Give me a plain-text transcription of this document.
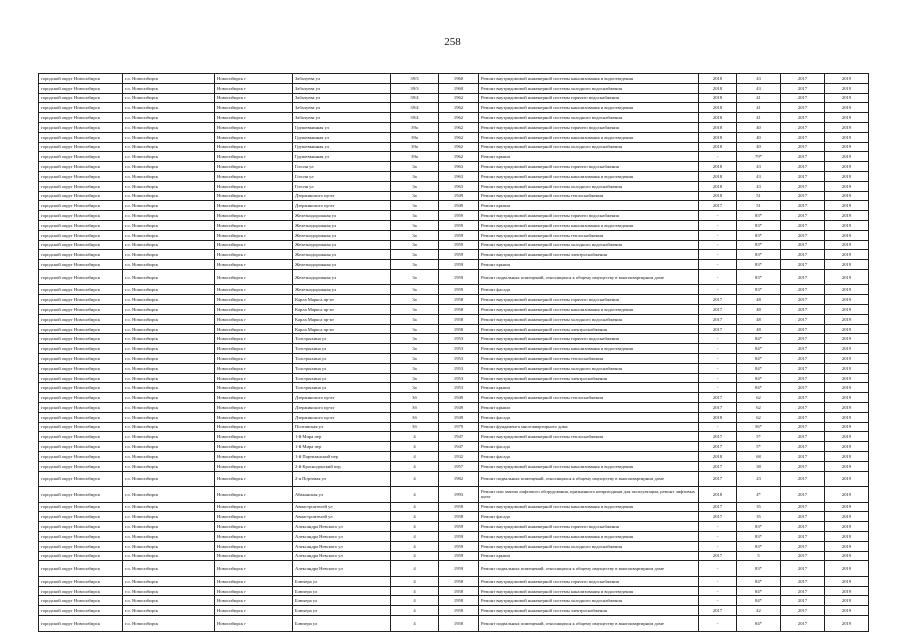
258
городской округ Новосибирск	г.о. Новосибирск	Новосибирск г	Забалуева ул	39/3	1960	Ремонт внутридомовой инженерной системы канализования и водоотведения	2018	43	2017	2019
городской округ Новосибирск	г.о. Новосибирск	Новосибирск г	Забалуева ул	39/3	1960	Ремонт внутридомовой инженерной системы холодного водоснабжения	2018	43	2017	2019
городской округ Новосибирск	г.о. Новосибирск	Новосибирск г	Забалуева ул	39/4	1962	Ремонт внутридомовой инженерной системы горячего водоснабжения	2018	41	2017	2019
городской округ Новосибирск	г.о. Новосибирск	Новосибирск г	Забалуева ул	39/4	1962	Ремонт внутридомовой инженерной системы канализования и водоотведения	2018	41	2017	2019
городской округ Новосибирск	г.о. Новосибирск	Новосибирск г	Забалуева ул	39/4	1962	Ремонт внутридомовой инженерной системы холодного водоснабжения	2018	41	2017	2019
городской округ Новосибирск	г.о. Новосибирск	Новосибирск г	Грушевкинная ул	39а	1962	Ремонт внутридомовой инженерной системы горячего водоснабжения	2018	40	2017	2019
городской округ Новосибирск	г.о. Новосибирск	Новосибирск г	Грушевкинная ул	39а	1962	Ремонт внутридомовой инженерной системы канализования и водоотведения	2018	40	2017	2019
городской округ Новосибирск	г.о. Новосибирск	Новосибирск г	Грушевкинная ул	39а	1962	Ремонт внутридомовой инженерной системы холодного водоснабжения	2018	40	2017	2019
городской округ Новосибирск	г.о. Новосибирск	Новосибирск г	Грушевкинная ул	39а	1962	Ремонт крыши	-	79*	2017	2019
городской округ Новосибирск	г.о. Новосибирск	Новосибирск г	Гоголя ул	3а	1963	Ремонт внутридомовой инженерной системы горячего водоснабжения	2018	43	2017	2019
городской округ Новосибирск	г.о. Новосибирск	Новосибирск г	Гоголя ул	3а	1963	Ремонт внутридомовой инженерной системы канализования и водоотведения	2018	43	2017	2019
городской округ Новосибирск	г.о. Новосибирск	Новосибирск г	Гоголя ул	3а	1963	Ремонт внутридомовой инженерной системы холодного водоснабжения	2018	43	2017	2019
городской округ Новосибирск	г.о. Новосибирск	Новосибирск г	Дзержинского пр-кт	3а	1949	Ремонт внутридомовой инженерной системы теплоснабжения	2018	51	2017	2019
городской округ Новосибирск	г.о. Новосибирск	Новосибирск г	Дзержинского пр-кт	3а	1949	Ремонт крыши	2017	51	2017	2019
городской округ Новосибирск	г.о. Новосибирск	Новосибирск г	Железнодорожная ул	3а	1959	Ремонт внутридомовой инженерной системы горячего водоснабжения	-	83*	2017	2019
городской округ Новосибирск	г.о. Новосибирск	Новосибирск г	Железнодорожная ул	3а	1959	Ремонт внутридомовой инженерной системы канализования и водоотведения	-	83*	2017	2019
городской округ Новосибирск	г.о. Новосибирск	Новосибирск г	Железнодорожная ул	3а	1959	Ремонт внутридомовой инженерной системы теплоснабжения	-	83*	2017	2019
городской округ Новосибирск	г.о. Новосибирск	Новосибирск г	Железнодорожная ул	3а	1959	Ремонт внутридомовой инженерной системы холодного водоснабжения	-	83*	2017	2019
городской округ Новосибирск	г.о. Новосибирск	Новосибирск г	Железнодорожная ул	3а	1959	Ремонт внутридомовой инженерной системы электроснабжения	-	83*	2017	2019
городской округ Новосибирск	г.о. Новосибирск	Новосибирск г	Железнодорожная ул	3а	1959	Ремонт крыши	-	83*	2017	2019
городской округ Новосибирск	г.о. Новосибирск	Новосибирск г	Железнодорожная ул	3а	1959	Ремонт подвальных помещений, относящихся к общему имуществу в многоквартирном доме	-	83*	2017	2019
городской округ Новосибирск	г.о. Новосибирск	Новосибирск г	Железнодорожная ул	3а	1959	Ремонт фасада	-	83*	2017	2019
городской округ Новосибирск	г.о. Новосибирск	Новосибирск г	Карла Маркса пр-кт	3а	1958	Ремонт внутридомовой инженерной системы горячего водоснабжения	2017	48	2017	2019
городской округ Новосибирск	г.о. Новосибирск	Новосибирск г	Карла Маркса пр-кт	3а	1958	Ремонт внутридомовой инженерной системы канализования и водоотведения	2017	48	2017	2019
городской округ Новосибирск	г.о. Новосибирск	Новосибирск г	Карла Маркса пр-кт	3а	1958	Ремонт внутридомовой инженерной системы холодного водоснабжения	2017	48	2017	2019
городской округ Новосибирск	г.о. Новосибирск	Новосибирск г	Карла Маркса пр-кт	3а	1958	Ремонт внутридомовой инженерной системы электроснабжения	2017	48	2017	2019
городской округ Новосибирск	г.о. Новосибирск	Новосибирск г	Толстрыхина ул	3а	1953	Ремонт внутридомовой инженерной системы горячего водоснабжения	-	84*	2017	2019
городской округ Новосибирск	г.о. Новосибирск	Новосибирск г	Толстрыхина ул	3а	1953	Ремонт внутридомовой инженерной системы канализования и водоотведения	-	84*	2017	2019
городской округ Новосибирск	г.о. Новосибирск	Новосибирск г	Толстрыхина ул	3а	1953	Ремонт внутридомовой инженерной системы теплоснабжения	-	84*	2017	2019
городской округ Новосибирск	г.о. Новосибирск	Новосибирск г	Толстрыхина ул	3а	1953	Ремонт внутридомовой инженерной системы холодного водоснабжения	-	84*	2017	2019
городской округ Новосибирск	г.о. Новосибирск	Новосибирск г	Толстрыхина ул	3а	1953	Ремонт внутридомовой инженерной системы электроснабжения	-	84*	2017	2019
городской округ Новосибирск	г.о. Новосибирск	Новосибирск г	Толстрыхина ул	3а	1953	Ремонт крыши	-	84*	2017	2019
городской округ Новосибирск	г.о. Новосибирск	Новосибирск г	Дзержинского пр-кт	3б	1949	Ремонт внутридомовой инженерной системы теплоснабжения	2017	62	2017	2019
городской округ Новосибирск	г.о. Новосибирск	Новосибирск г	Дзержинского пр-кт	3б	1949	Ремонт крыши	2017	62	2017	2019
городской округ Новосибирск	г.о. Новосибирск	Новосибирск г	Дзержинского пр-кт	3б	1949	Ремонт фасада	2018	62	2017	2019
городской округ Новосибирск	г.о. Новосибирск	Новосибирск г	Полтавская ул	3б	1979	Ремонт фундамента многоквартирного дома	-	56*	2017	2019
городской округ Новосибирск	г.о. Новосибирск	Новосибирск г	1-й Мира пер	4	1947	Ремонт внутридомовой инженерной системы теплоснабжения	2017	5*	2017	2019
городской округ Новосибирск	г.о. Новосибирск	Новосибирск г	1-й Мира пер	4	1947	Ремонт фасада	2017	5*	2017	2019
городской округ Новосибирск	г.о. Новосибирск	Новосибирск г	1-й Партизанский пер	4	1932	Ремонт фасада	2018	68	2017	2019
городской округ Новосибирск	г.о. Новосибирск	Новосибирск г	2-й Краснодонский пер	4	1957	Ремонт внутридомовой инженерной системы канализования и водоотведения	2017	38	2017	2019
городской округ Новосибирск	г.о. Новосибирск	Новосибирск г	2-я Портовая ул	4	1982	Ремонт подвальных помещений, относящихся к общему имуществу в многоквартирном доме	2017	23	2017	2019
городской округ Новосибирск	г.о. Новосибирск	Новосибирск г	Абаканская ул	4	1993	Ремонт или замена лифтового оборудования, признанного непригодным для эксплуатации, ремонт лифтовых шахт	2018	4*	2017	2019
городской округ Новосибирск	г.о. Новосибирск	Новосибирск г	Авиастроителей ул	4	1958	Ремонт внутридомовой инженерной системы канализования и водоотведения	2017	35	2017	2019
городской округ Новосибирск	г.о. Новосибирск	Новосибирск г	Авиастроителей ул	4	1958	Ремонт фасада	2017	35	2017	2019
городской округ Новосибирск	г.о. Новосибирск	Новосибирск г	Александра Невского ул	4	1959	Ремонт внутридомовой инженерной системы горячего водоснабжения	-	83*	2017	2019
городской округ Новосибирск	г.о. Новосибирск	Новосибирск г	Александра Невского ул	4	1959	Ремонт внутридомовой инженерной системы канализования и водоотведения	-	83*	2017	2019
городской округ Новосибирск	г.о. Новосибирск	Новосибирск г	Александра Невского ул	4	1959	Ремонт внутридомовой инженерной системы холодного водоснабжения	-	83*	2017	2019
городской округ Новосибирск	г.о. Новосибирск	Новосибирск г	Александра Невского ул	4	1959	Ремонт крыши	2017	5	2017	2019
городской округ Новосибирск	г.о. Новосибирск	Новосибирск г	Александра Невского ул	4	1959	Ремонт подвальных помещений, относящихся к общему имуществу в многоквартирном доме	-	83*	2017	2019
городской округ Новосибирск	г.о. Новосибирск	Новосибирск г	Блюхера ул	4	1958	Ремонт внутридомовой инженерной системы горячего водоснабжения	-	84*	2017	2019
городской округ Новосибирск	г.о. Новосибирск	Новосибирск г	Блюхера ул	4	1958	Ремонт внутридомовой инженерной системы канализования и водоотведения	-	84*	2017	2019
городской округ Новосибирск	г.о. Новосибирск	Новосибирск г	Блюхера ул	4	1958	Ремонт внутридомовой инженерной системы холодного водоснабжения	-	84*	2017	2019
городской округ Новосибирск	г.о. Новосибирск	Новосибирск г	Блюхера ул	4	1958	Ремонт внутридомовой инженерной системы электроснабжения	2017	42	2017	2019
городской округ Новосибирск	г.о. Новосибирск	Новосибирск г	Блюхера ул	4	1958	Ремонт подвальных помещений, относящихся к общему имуществу в многоквартирном доме	-	84*	2017	2019
